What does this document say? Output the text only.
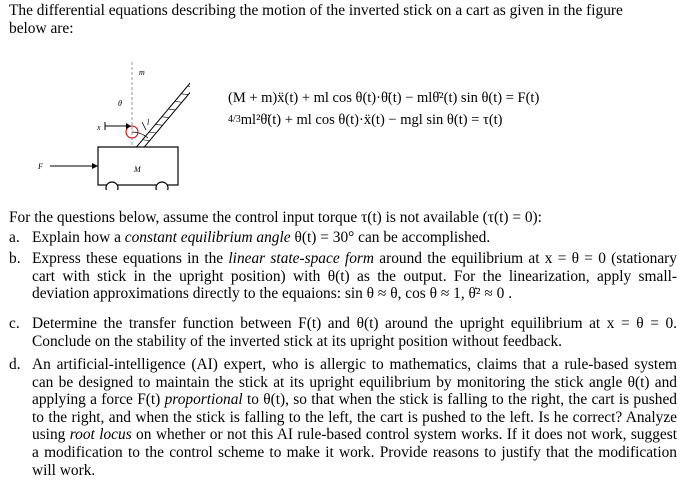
The differential equations describing the motion of the inverted stick on a cart as given in the figure
below are:
m
θ
x
l
F	M
(M + m)ẍ(t) + ml cos θ(t)·θ̈(t) − mlθ̇²(t) sin θ(t) = F(t)
4/3ml²θ̈(t) + ml cos θ(t)·ẍ(t) − mgl sin θ(t) = τ(t)
For the questions below, assume the control input torque τ(t) is not available (τ(t) = 0):
a. Explain how a constant equilibrium angle θ(t) = 30° can be accomplished.
b. Express these equations in the linear state-space form around the equilibrium at x = θ = 0 (stationary cart with stick in the upright position) with θ(t) as the output. For the linearization, apply small-deviation approximations directly to the equaions: sin θ ≈ θ, cos θ ≈ 1, θ̇² ≈ 0 .
c. Determine the transfer function between F(t) and θ(t) around the upright equilibrium at x = θ = 0. Conclude on the stability of the inverted stick at its upright position without feedback.
d. An artificial-intelligence (AI) expert, who is allergic to mathematics, claims that a rule-based system can be designed to maintain the stick at its upright equilibrium by monitoring the stick angle θ(t) and applying a force F(t) proportional to θ(t), so that when the stick is falling to the right, the cart is pushed to the right, and when the stick is falling to the left, the cart is pushed to the left. Is he correct? Analyze using root locus on whether or not this AI rule-based control system works. If it does not work, suggest a modification to the control scheme to make it work. Provide reasons to justify that the modification will work.
